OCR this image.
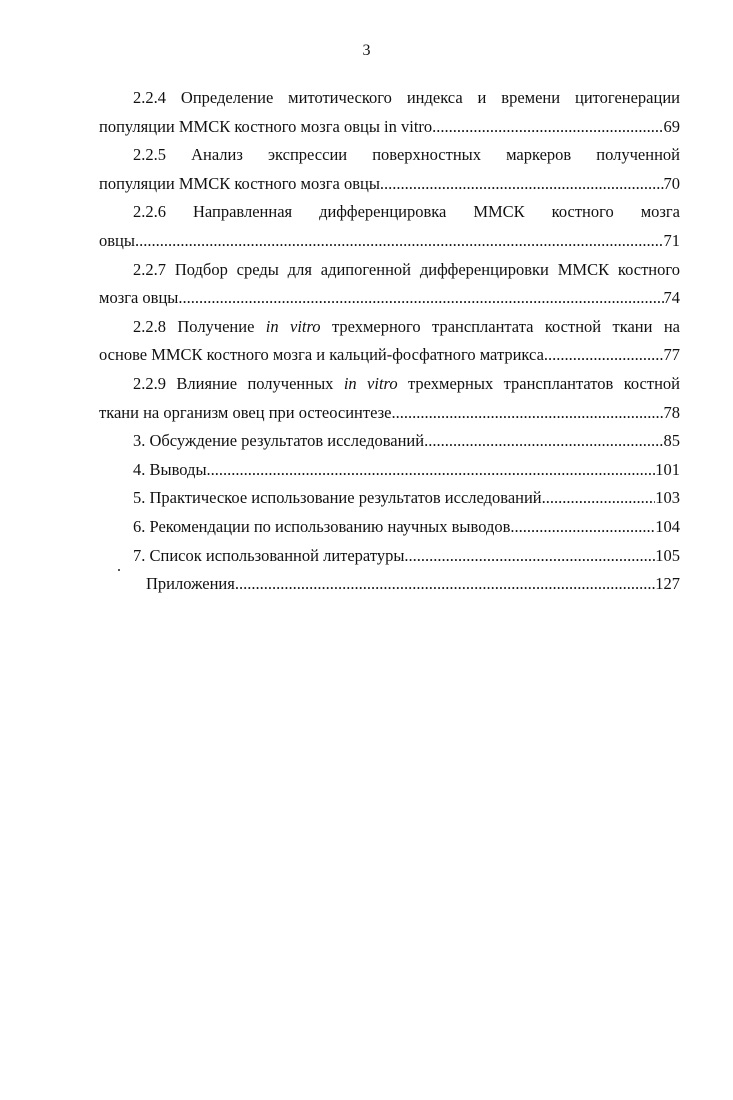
3
2.2.4 Определение митотического индекса и времени цитогенерации
популяции ММСК костного мозга овцы in vitro .....	69
2.2.5 Анализ экспрессии поверхностных маркеров полученной
популяции ММСК костного мозга овцы .....	70
2.2.6 Направленная дифференцировка ММСК костного мозга
овцы .....	71
2.2.7 Подбор среды для адипогенной дифференцировки ММСК костного
мозга овцы .....	74
2.2.8 Получение in vitro трехмерного трансплантата костной ткани на
основе ММСК костного мозга и кальций-фосфатного матрикса .....	77
2.2.9 Влияние полученных in vitro трехмерных трансплантатов костной
ткани на организм овец при остеосинтезе .....	78
3. Обсуждение результатов исследований .....	85
4. Выводы .....	101
5. Практическое использование результатов исследований .....	103
6. Рекомендации по использованию научных выводов .....	104
7. Список использованной литературы .....	105
Приложения .....	127
